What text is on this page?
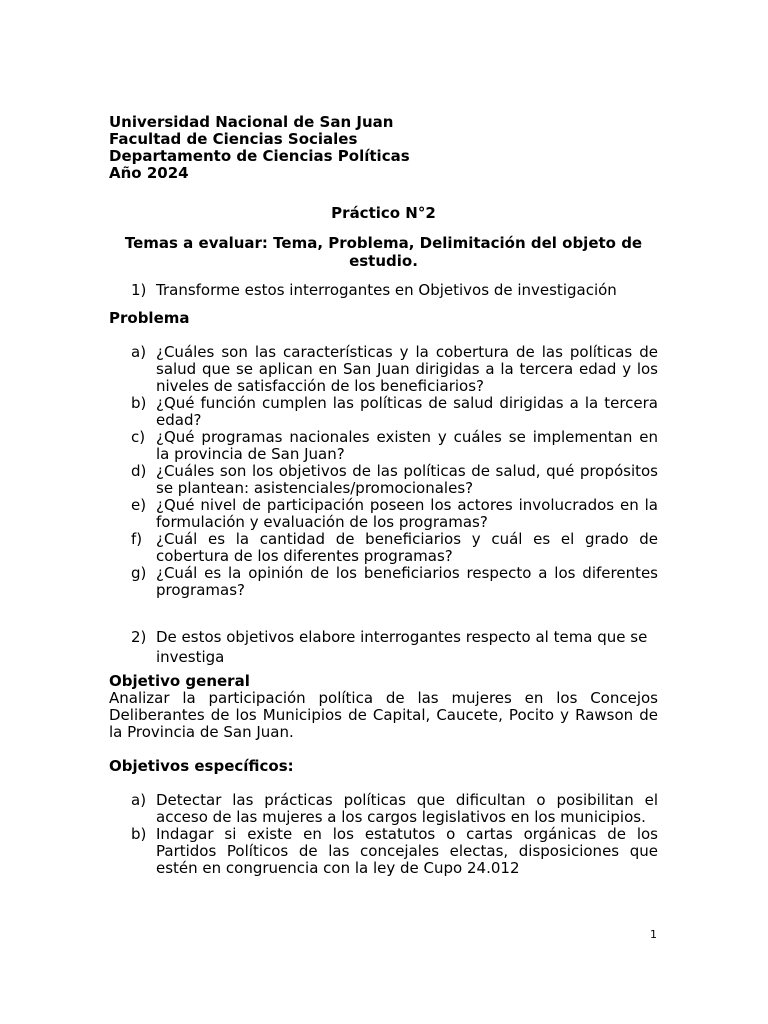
Universidad Nacional de San Juan
Facultad de Ciencias Sociales
Departamento de Ciencias Políticas
Año 2024
Práctico N°2
Temas a evaluar: Tema, Problema, Delimitación del objeto de estudio.
1) Transforme estos interrogantes en Objetivos de investigación
Problema
a) ¿Cuáles son las características y la cobertura de las políticas de salud que se aplican en San Juan dirigidas a la tercera edad y los niveles de satisfacción de los beneficiarios?
b) ¿Qué función cumplen las políticas de salud dirigidas a la tercera edad?
c) ¿Qué programas nacionales existen y cuáles se implementan en la provincia de San Juan?
d) ¿Cuáles son los objetivos de las políticas de salud, qué propósitos se plantean: asistenciales/promocionales?
e) ¿Qué nivel de participación poseen los actores involucrados en la formulación y evaluación de los programas?
f) ¿Cuál es la cantidad de beneficiarios y cuál es el grado de cobertura de los diferentes programas?
g) ¿Cuál es la opinión de los beneficiarios respecto a los diferentes programas?
2) De estos objetivos elabore interrogantes respecto al tema que se investiga
Objetivo general
Analizar la participación política de las mujeres en los Concejos Deliberantes de los Municipios de Capital, Caucete, Pocito y Rawson de la Provincia de San Juan.
Objetivos específicos:
a) Detectar las prácticas políticas que dificultan o posibilitan el acceso de las mujeres a los cargos legislativos en los municipios.
b) Indagar si existe en los estatutos o cartas orgánicas de los Partidos Políticos de las concejales electas, disposiciones que estén en congruencia con la ley de Cupo 24.012
1
